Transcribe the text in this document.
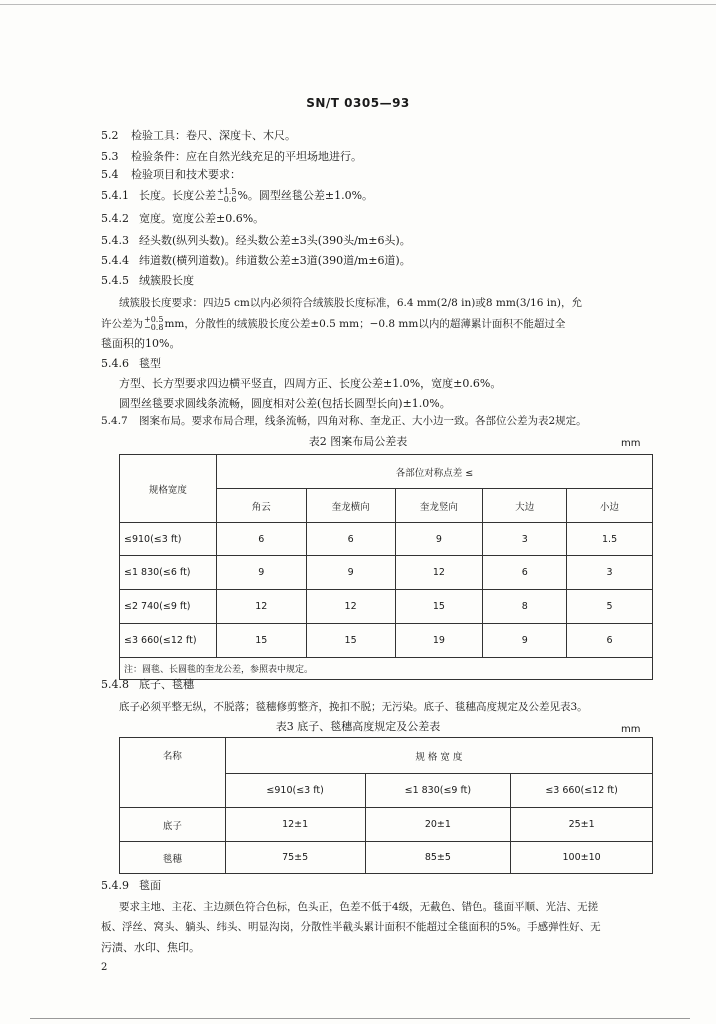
SN/T 0305—93
5.2 检验工具：卷尺、深度卡、木尺。
5.3 检验条件：应在自然光线充足的平坦场地进行。
5.4 检验项目和技术要求：
5.4.1 长度。长度公差+1.5
−0.6%。圆型丝毯公差±1.0%。
5.4.2 宽度。宽度公差±0.6%。
5.4.3 经头数(纵列头数)。经头数公差±3头(390头/m±6头)。
5.4.4 纬道数(横列道数)。纬道数公差±3道(390道/m±6道)。
5.4.5 绒簇股长度
绒簇股长度要求：四边5 cm以内必须符合绒簇股长度标准，6.4 mm(2/8 in)或8 mm(3/16 in)，允
许公差为+0.5
−0.8mm，分散性的绒簇股长度公差±0.5 mm；−0.8 mm以内的超薄累计面积不能超过全
毯面积的10%。
5.4.6 毯型
方型、长方型要求四边横平竖直，四周方正、长度公差±1.0%，宽度±0.6%。
圆型丝毯要求圆线条流畅，圆度相对公差(包括长圆型长向)±1.0%。
5.4.7 图案布局。要求布局合理，线条流畅，四角对称、奎龙正、大小边一致。各部位公差为表2规定。
表2 图案布局公差表	mm
规格宽度	各部位对称点差 ≤				
	角云	奎龙横向	奎龙竖向	大边	小边
≤910(≤3 ft)	6	6	9	3	1.5
≤1 830(≤6 ft)	9	9	12	6	3
≤2 740(≤9 ft)	12	12	15	8	5
≤3 660(≤12 ft)	15	15	19	9	6
注：圆毯、长圆毯的奎龙公差，参照表中规定。					
5.4.8 底子、毯穗
底子必须平整无纵，不脱落；毯穗修剪整齐，挽扣不脱；无污染。底子、毯穗高度规定及公差见表3。
表3 底子、毯穗高度规定及公差表	mm
名称	规 格 宽 度		
	≤910(≤3 ft)	≤1 830(≤9 ft)	≤3 660(≤12 ft)
底子	12±1	20±1	25±1
毯穗	75±5	85±5	100±10
5.4.9 毯面
要求主地、主花、主边颜色符合色标，色头正，色差不低于4级，无截色、错色。毯面平顺、光洁、无搓
板、浮丝、窝头、躺头、纬头、明显沟岗，分散性半截头累计面积不能超过全毯面积的5%。手感弹性好、无
污渍、水印、焦印。
2
